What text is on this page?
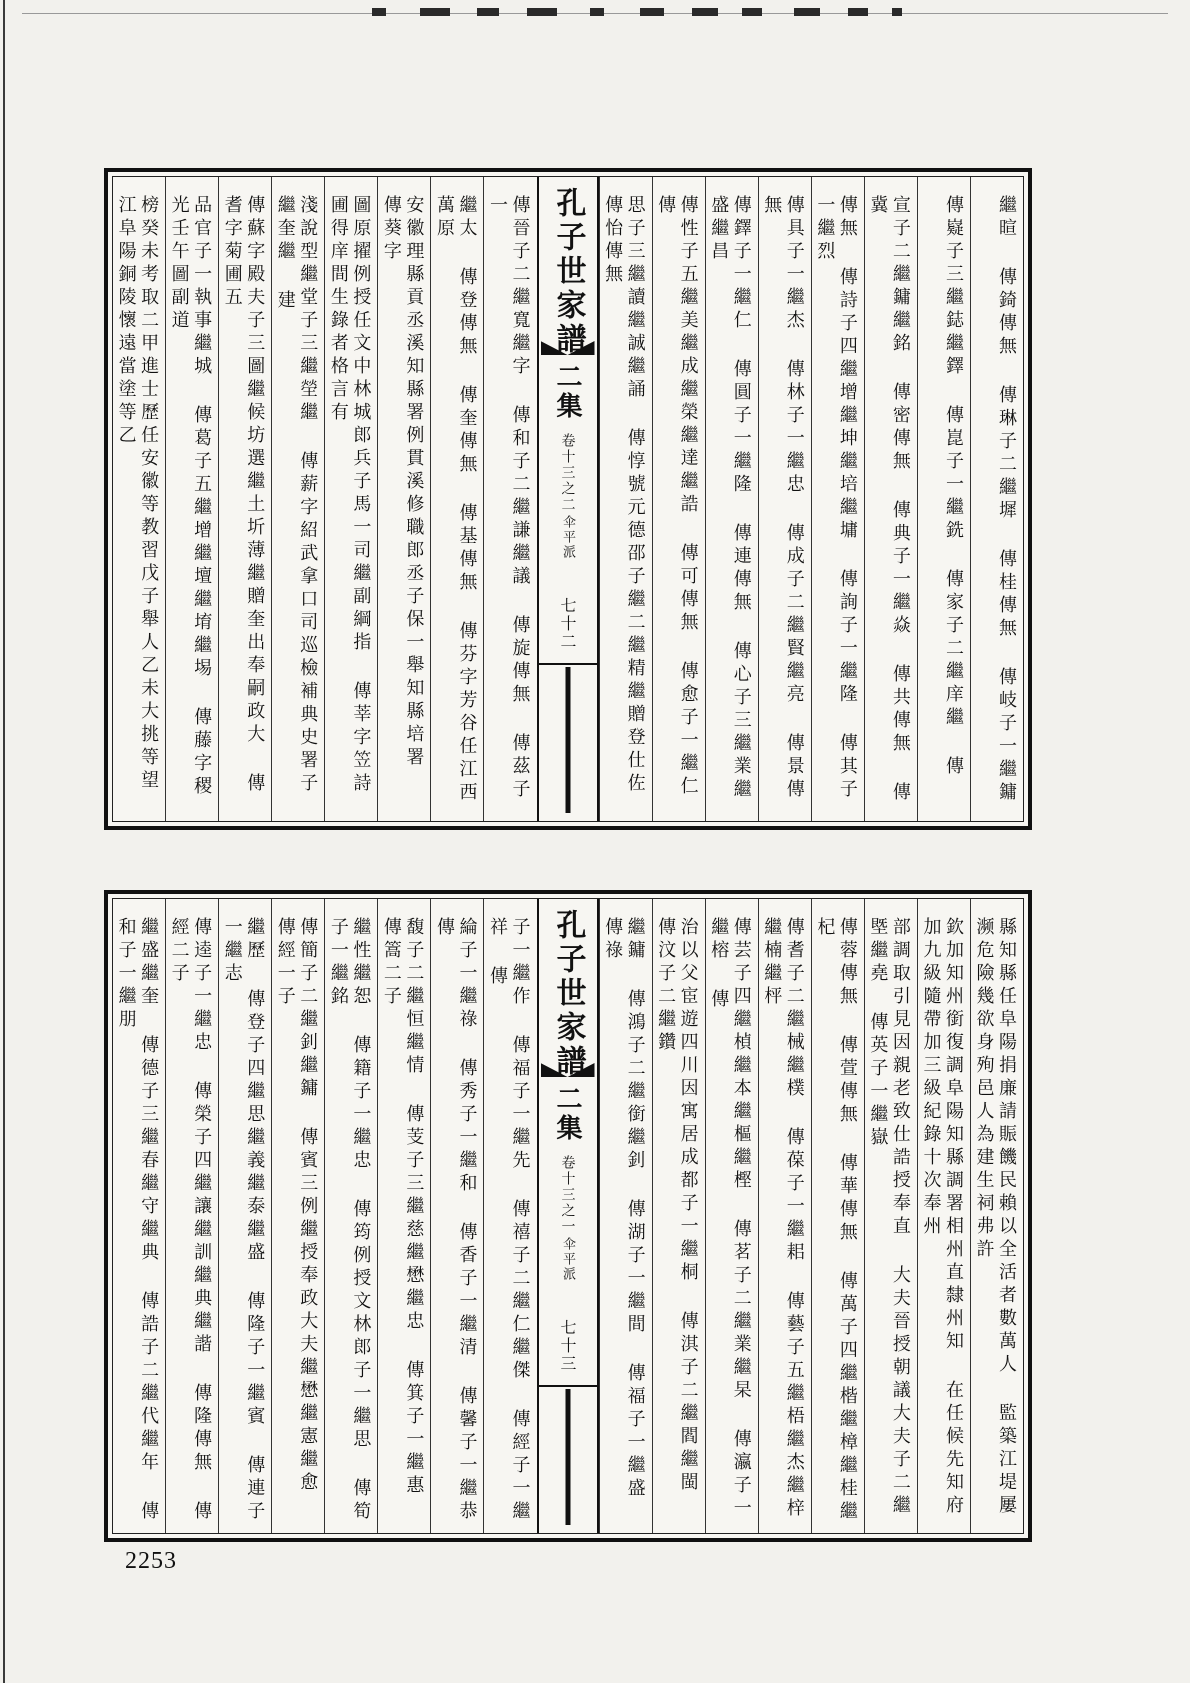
繼暄 傳錡傳無 傳琳子二繼墀 傳桂傳無 傳岐子一繼鏞
傳嶷子三繼鋕繼鐸 傳崑子一繼銑 傳家子二繼庠繼 傳
宣子二繼鏞繼銘 傳密傳無 傳典子一繼焱 傳共傳無 傳冀
傳無 傳詩子四繼增繼坤繼培繼墉 傳詢子一繼隆 傳其子一繼烈
傳具子一繼杰 傳林子一繼忠 傳成子二繼賢繼亮 傳景傳無
傳鐸子一繼仁 傳圓子一繼隆 傳連傳無 傳心子三繼業繼盛繼昌
傳性子五繼美繼成繼榮繼達繼誥 傳可傳無 傳愈子一繼仁 傳
思子三繼讀繼誠繼誦 傳惇號元德邵子繼二繼精繼贈登仕佐 傳怡傳無
孔子世家譜
二集
卷十三之二
伞平派
七十二
傳晉子二繼寬繼字 傳和子二繼謙繼議 傳旋傳無 傳茲子一
繼太 傳登傳無 傳奎傳無 傳基傳無 傳芬字芳谷任江西萬原
安徽理縣貢丞溪知縣署例貫溪修職郎丞子保一舉知縣培署 傳葵字
圖原擢例授任文中林城郎兵子馬一司繼副綱指 傳莘字笠詩圃得庠間生錄者格言有
淺說型繼堂子三繼塋繼 傳薪字紹武拿口司巡檢補典史署子繼奎繼 建
傳蘇字殿夫子三圖繼候坊選繼土圻薄繼贈奎出奉嗣政大 傳耆字菊圃五
品官子一執事繼城 傳葛子五繼增繼壇繼堉繼埸 傳藤字稷光壬午圖副道
榜癸未考取二甲進士歷任安徽等教習戊子舉人乙未大挑等望江阜陽銅陵懷遠當塗等乙
縣知縣任阜陽捐廉請賑饑民賴以全活者數萬人 監築江堤屢濒危險幾欲身殉邑人為建生祠弗許
欽加知州銜復調阜陽知縣調署相州直隸州知 在任候先知府加九級隨帶加三級紀錄十次奉州
部調取引見因親老致仕誥授奉直 大夫晉授朝議大夫子二繼塈繼堯 傳英子一繼嶽
傳蓉傳無 傳萱傳無 傳華傳無 傳萬子四繼楷繼樟繼桂繼杞
傳耆子二繼械繼樸 傳葆子一繼耜 傳藝子五繼梧繼杰繼梓繼楠繼枰
傳芸子四繼楨繼本繼樞繼樫 傳茗子二繼業繼杲 傳瀛子一繼榕 傳
治以父宦遊四川因寓居成都子一繼桐 傳淇子二繼閻繼閩 傳汶子二繼鑽
繼鏞 傳鴻子二繼銜繼釗 傳湖子一繼間 傳福子一繼盛 傳祿
孔子世家譜
二集
卷十三之一
伞平派
七十三
子一繼作 傳福子一繼先 傳禧子二繼仁繼傑 傳經子一繼祥 傳
綸子一繼祿 傳秀子一繼和 傳香子一繼清 傳馨子一繼恭 傳
馥子二繼恒繼情 傳芰子三繼慈繼懋繼忠 傳箕子一繼惠 傳篙二子
繼性繼恕 傳籍子一繼忠 傳筠例授文林郎子一繼思 傳筍子一繼銘
傳簡子二繼釗繼鏞 傳賓三例繼授奉政大夫繼懋繼憲繼愈 傳經一子
繼歷 傳登子四繼思繼義繼泰繼盛 傳隆子一繼賓 傳連子一繼志
傳逵子一繼忠 傳榮子四繼讓繼訓繼典繼諧 傳隆傳無 傳經二子
繼盛繼奎 傳德子三繼春繼守繼典 傳誥子二繼代繼年 傳和子一繼朋
2253
